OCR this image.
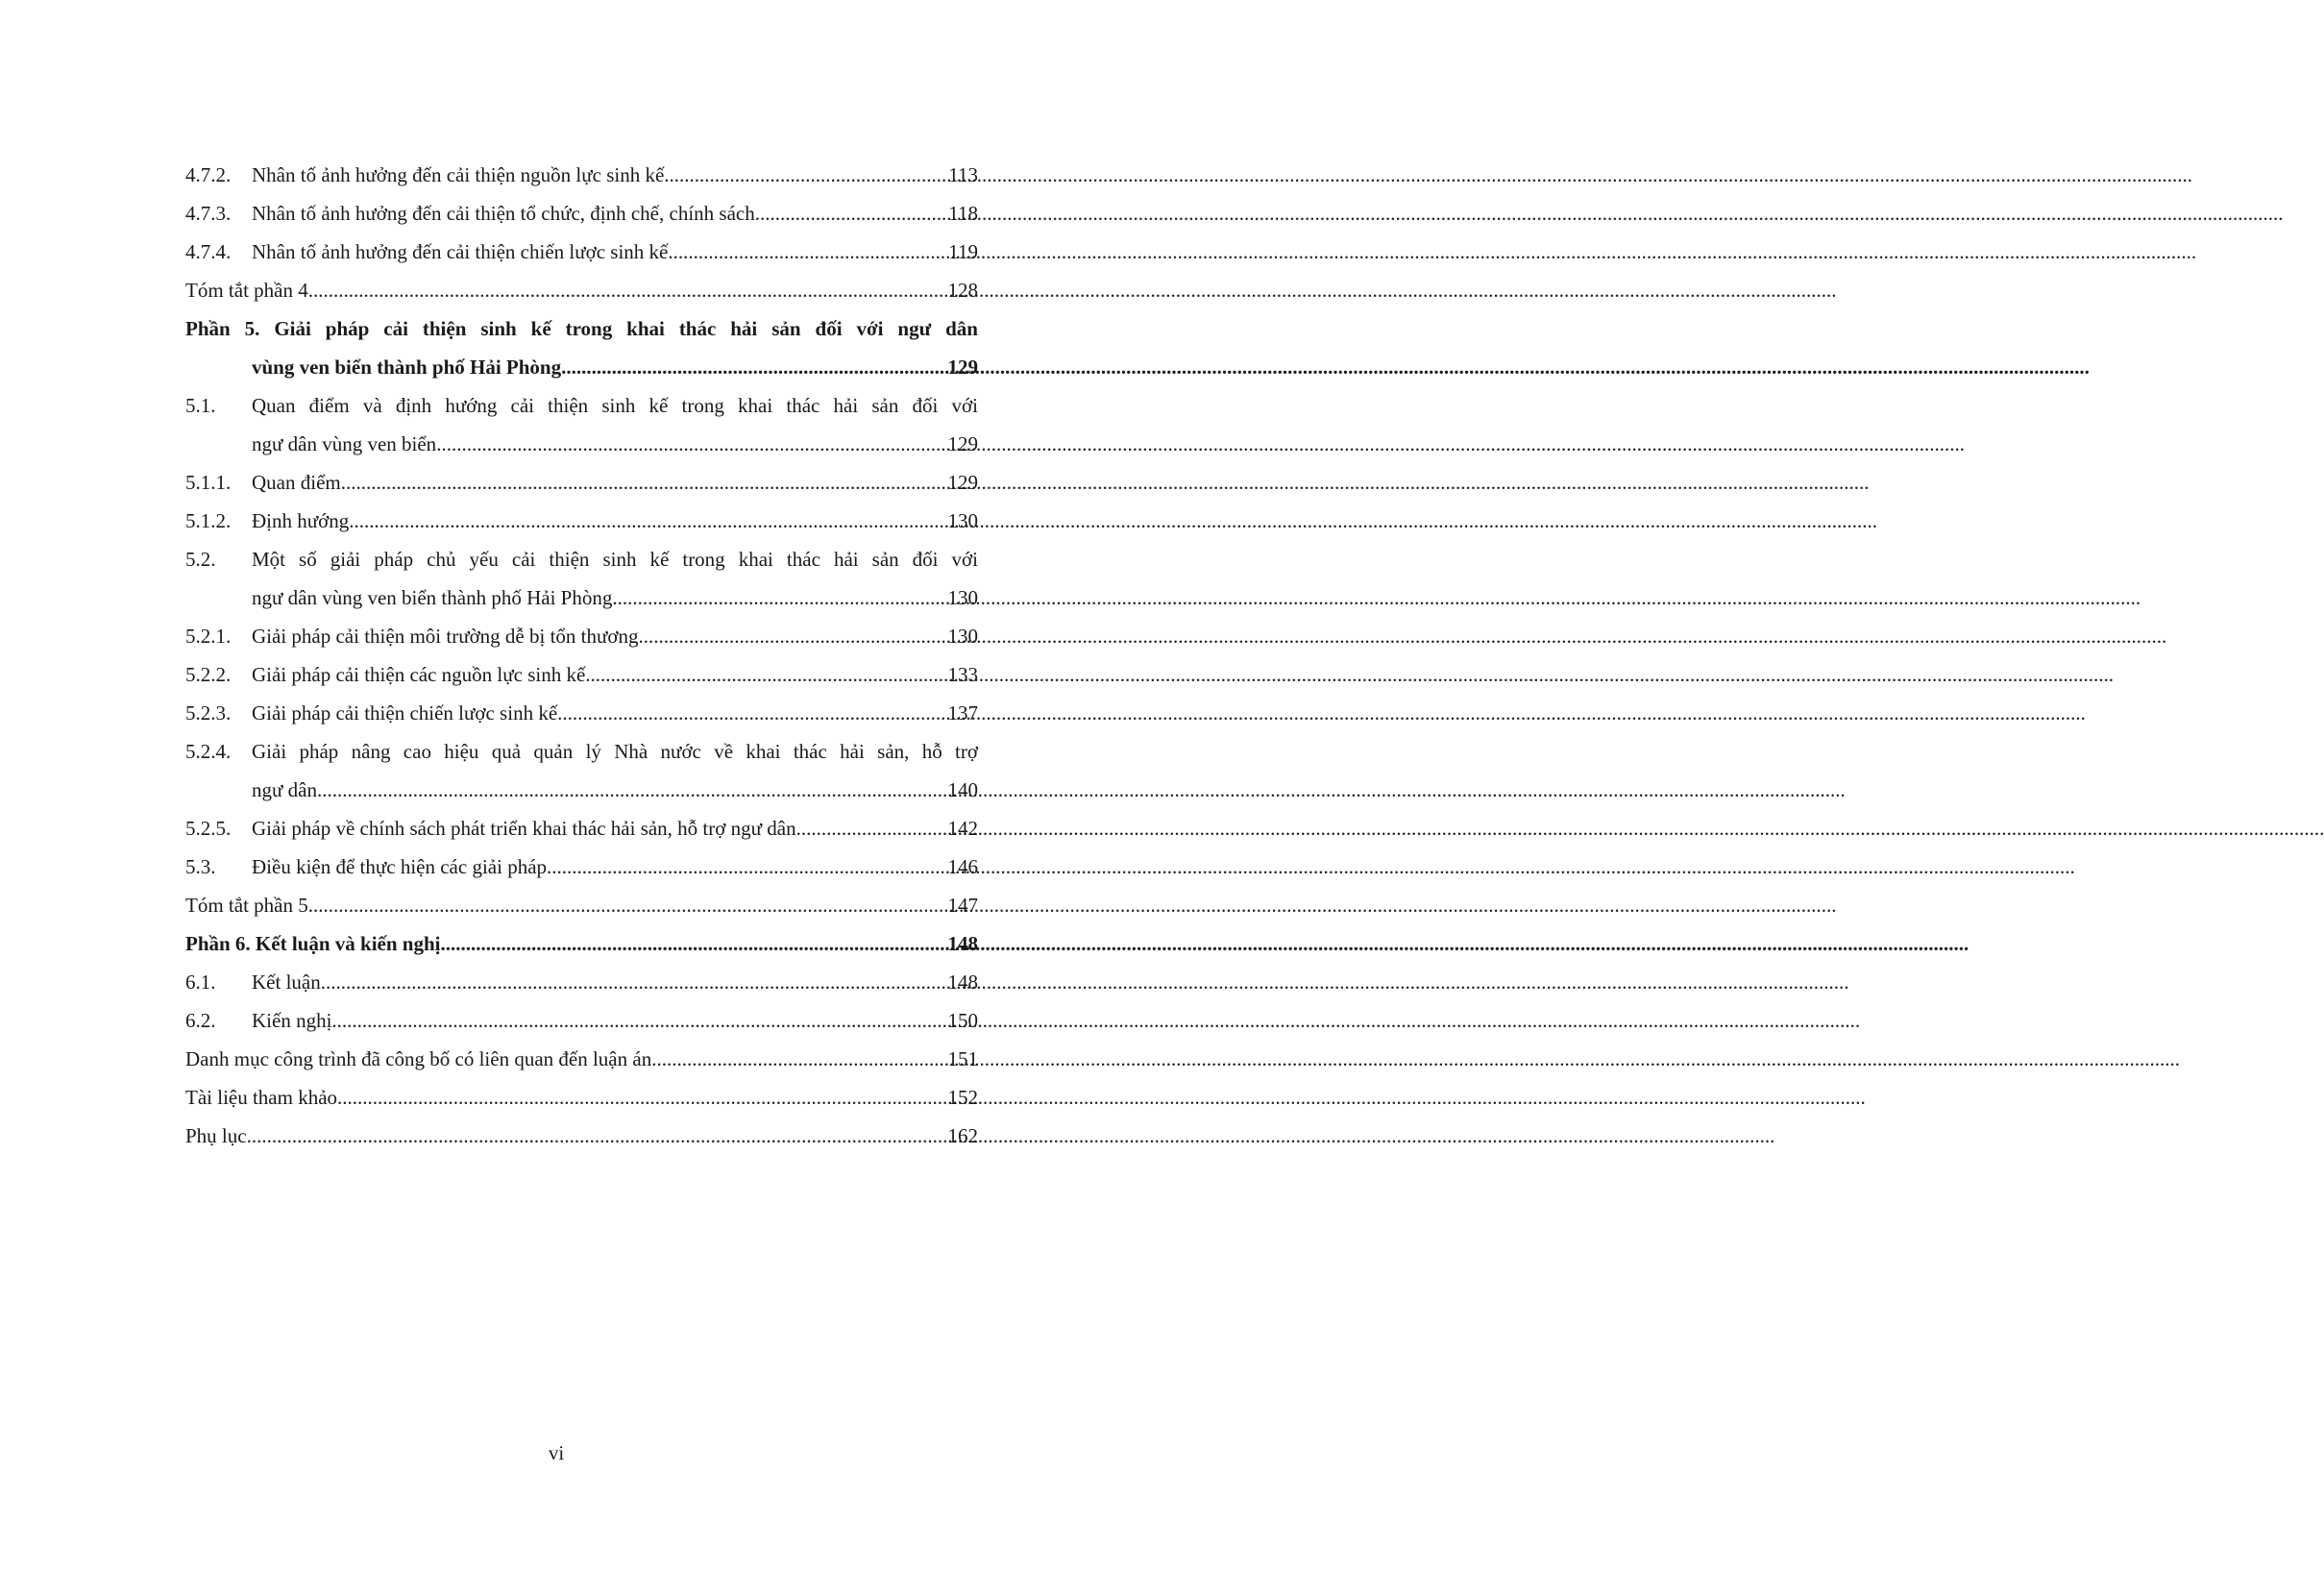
4.7.2.	Nhân tố ảnh hưởng đến cải thiện nguồn lực sinh kế .....	113
4.7.3.	Nhân tố ảnh hưởng đến cải thiện tổ chức, định chế, chính sách .....	118
4.7.4.	Nhân tố ảnh hưởng đến cải thiện chiến lược sinh kế .....	119
Tóm tắt phần 4 .....	128
Phần 5. Giải pháp cải thiện sinh kế trong khai thác hải sản đối với ngư dân
vùng ven biển thành phố Hải Phòng .....	129
5.1.	Quan điểm và định hướng cải thiện sinh kế trong khai thác hải sản đối với
ngư dân vùng ven biển .....	129
5.1.1.	Quan điểm .....	129
5.1.2.	Định hướng .....	130
5.2.	Một số giải pháp chủ yếu cải thiện sinh kế trong khai thác hải sản đối với
ngư dân vùng ven biển thành phố Hải Phòng .....	130
5.2.1.	Giải pháp cải thiện môi trường dễ bị tổn thương .....	130
5.2.2.	Giải pháp cải thiện các nguồn lực sinh kế .....	133
5.2.3.	Giải pháp cải thiện chiến lược sinh kế .....	137
5.2.4.	Giải pháp nâng cao hiệu quả quản lý Nhà nước về khai thác hải sản, hỗ trợ
ngư dân .....	140
5.2.5.	Giải pháp về chính sách phát triển khai thác hải sản, hỗ trợ ngư dân .....	142
5.3.	Điều kiện để thực hiện các giải pháp .....	146
Tóm tắt phần 5 .....	147
Phần 6. Kết luận và kiến nghị .....	148
6.1.	Kết luận .....	148
6.2.	Kiến nghị .....	150
Danh mục công trình đã công bố có liên quan đến luận án .....	151
Tài liệu tham khảo .....	152
Phụ lục .....	162
vi
